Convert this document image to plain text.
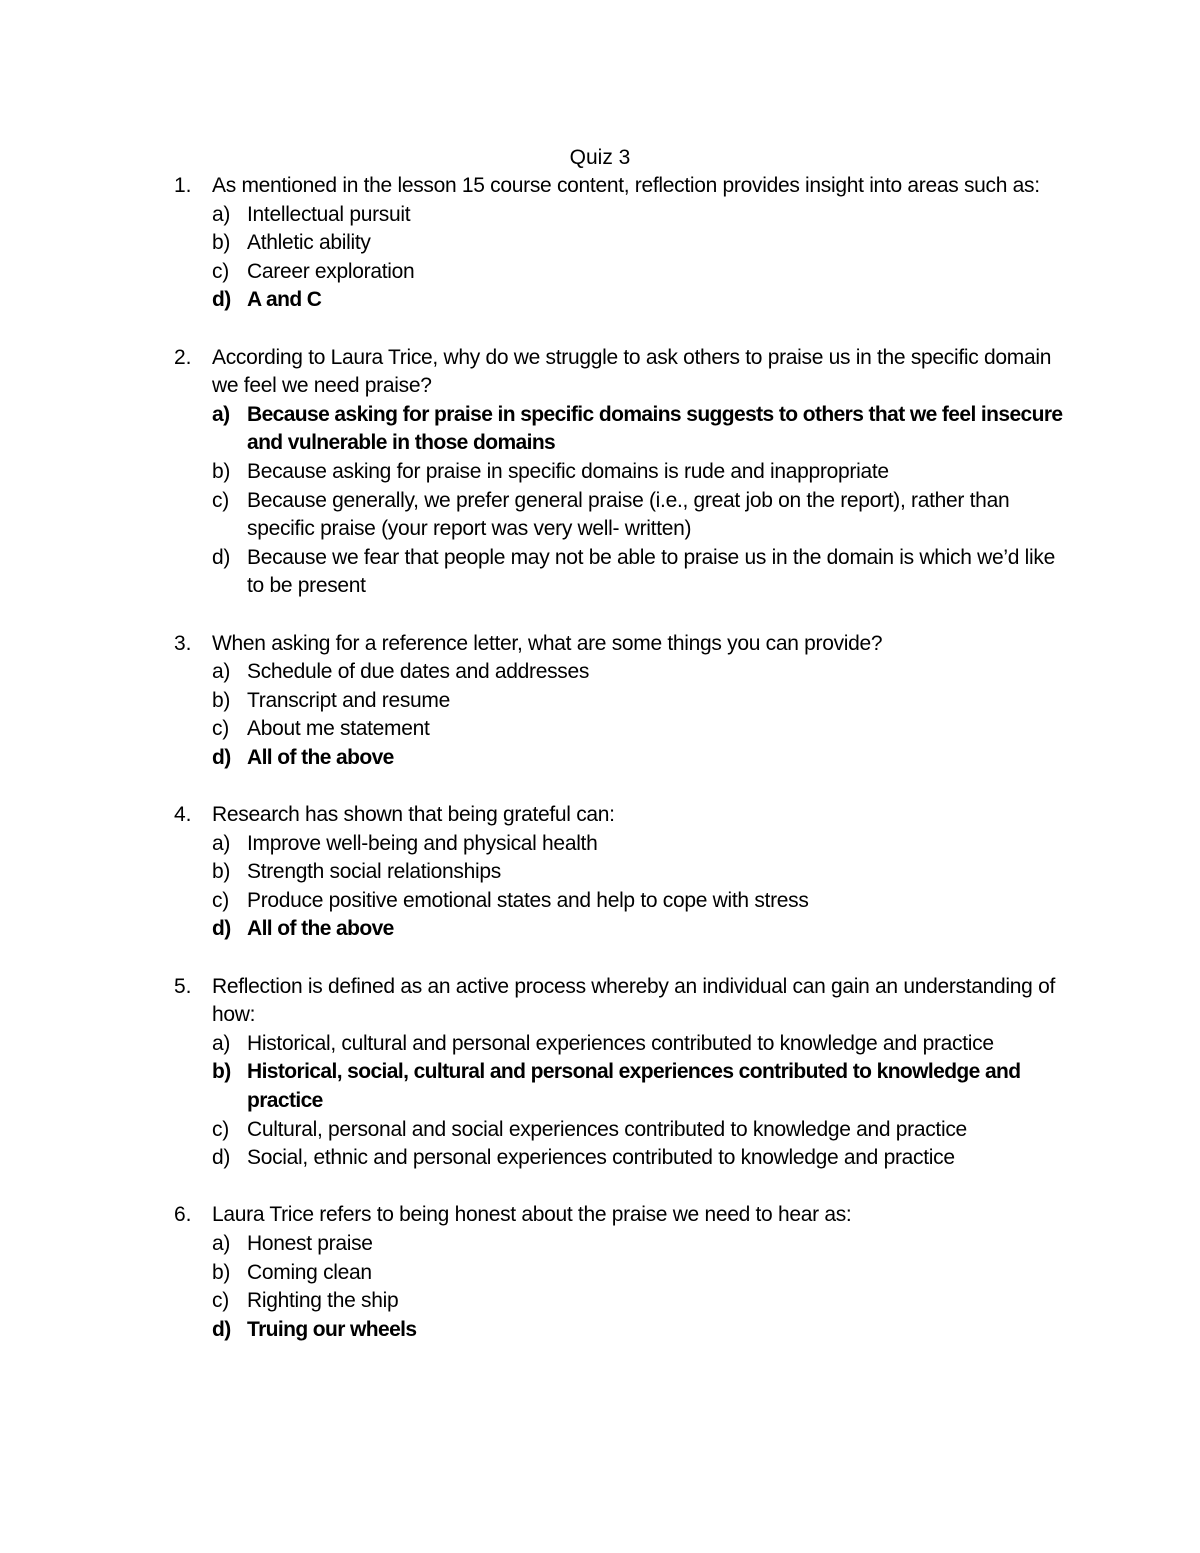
Quiz 3
1. As mentioned in the lesson 15 course content, reflection provides insight into areas such as:
a) Intellectual pursuit
b) Athletic ability
c) Career exploration
d) A and C
2. According to Laura Trice, why do we struggle to ask others to praise us in the specific domain we feel we need praise?
a) Because asking for praise in specific domains suggests to others that we feel insecure and vulnerable in those domains
b) Because asking for praise in specific domains is rude and inappropriate
c) Because generally, we prefer general praise (i.e., great job on the report), rather than specific praise (your report was very well- written)
d) Because we fear that people may not be able to praise us in the domain is which we’d like to be present
3. When asking for a reference letter, what are some things you can provide?
a) Schedule of due dates and addresses
b) Transcript and resume
c) About me statement
d) All of the above
4. Research has shown that being grateful can:
a) Improve well-being and physical health
b) Strength social relationships
c) Produce positive emotional states and help to cope with stress
d) All of the above
5. Reflection is defined as an active process whereby an individual can gain an understanding of how:
a) Historical, cultural and personal experiences contributed to knowledge and practice
b) Historical, social, cultural and personal experiences contributed to knowledge and practice
c) Cultural, personal and social experiences contributed to knowledge and practice
d) Social, ethnic and personal experiences contributed to knowledge and practice
6. Laura Trice refers to being honest about the praise we need to hear as:
a) Honest praise
b) Coming clean
c) Righting the ship
d) Truing our wheels
